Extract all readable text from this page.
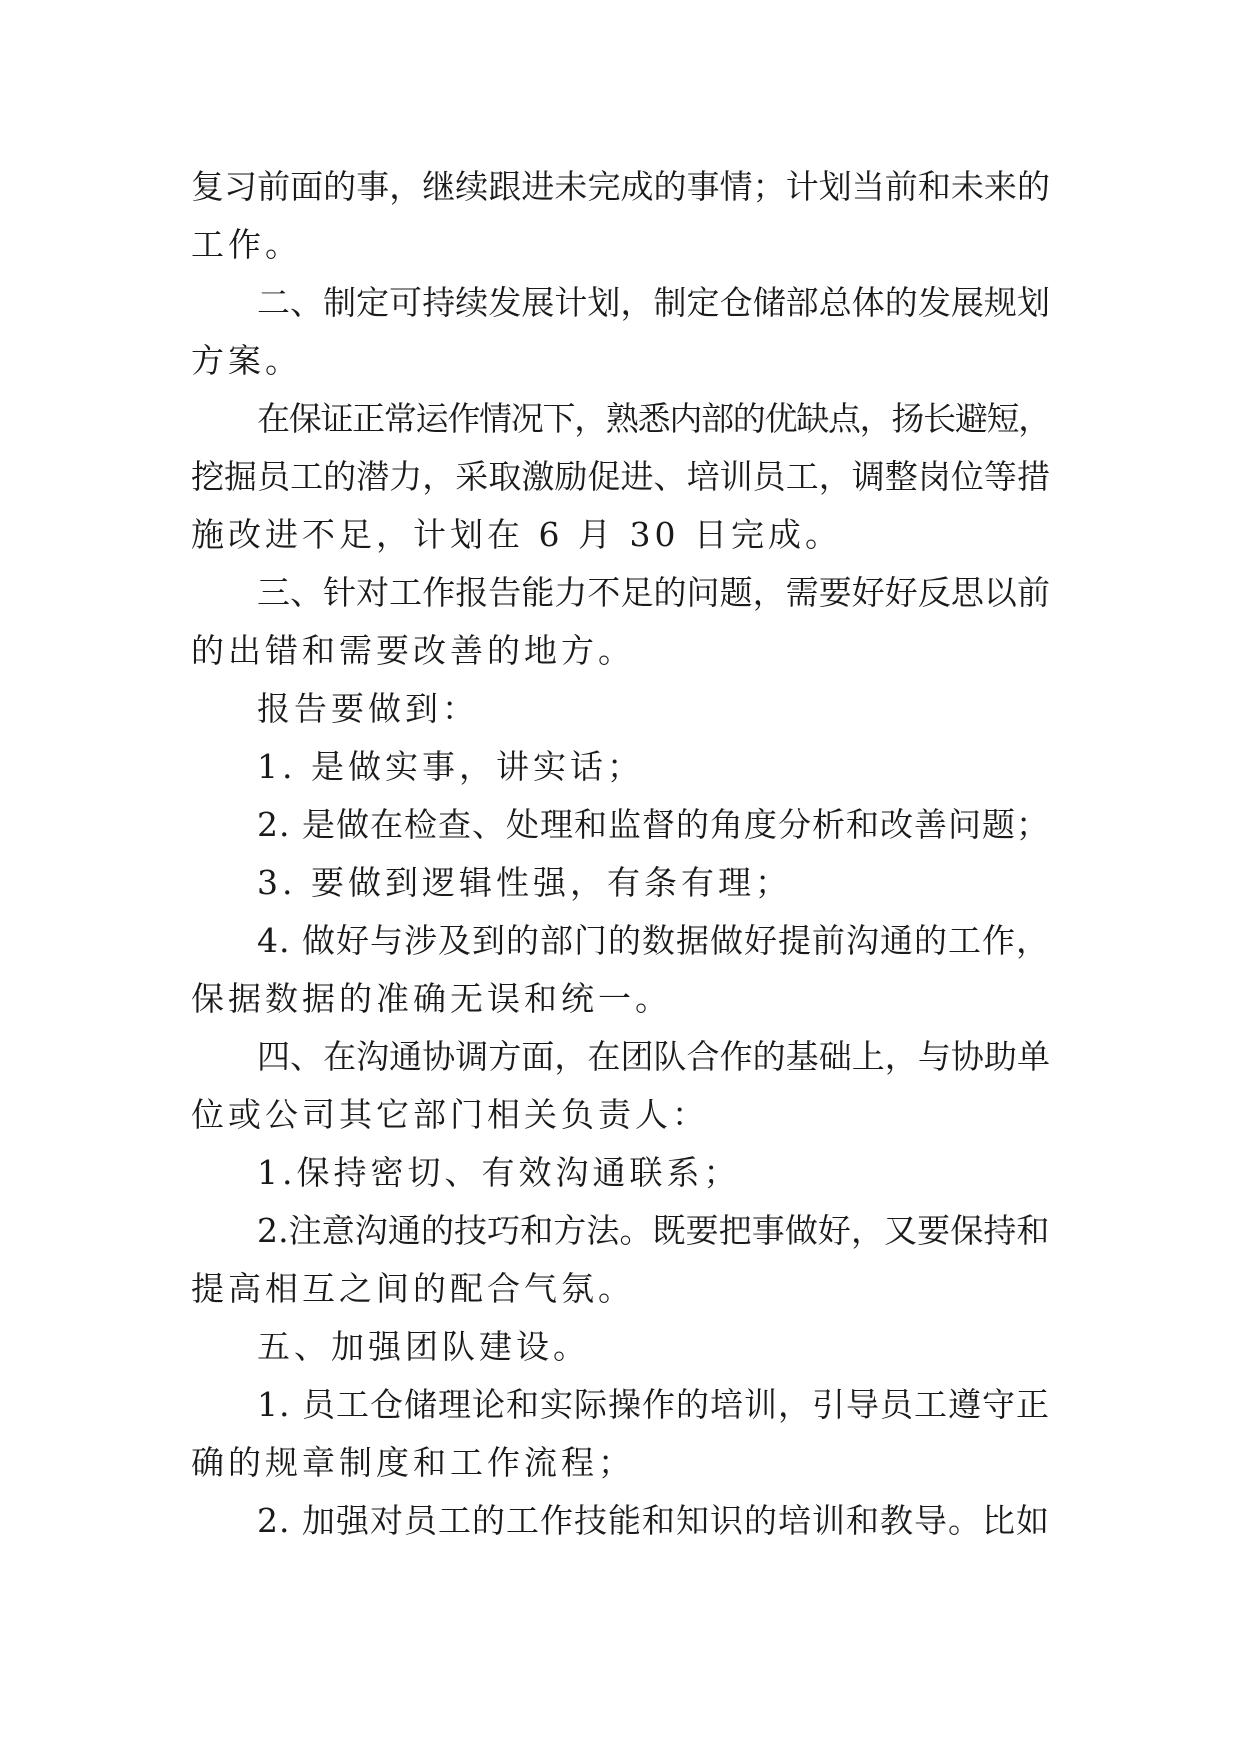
复习前面的事，继续跟进未完成的事情；计划当前和未来的
工作。
二、制定可持续发展计划，制定仓储部总体的发展规划
方案。
在保证正常运作情况下，熟悉内部的优缺点，扬长避短，
挖掘员工的潜力，采取激励促进、培训员工，调整岗位等措
施改进不足，计划在 6 月 30 日完成。
三、针对工作报告能力不足的问题，需要好好反思以前
的出错和需要改善的地方。
报告要做到：
1. 是做实事，讲实话；
2. 是做在检查、处理和监督的角度分析和改善问题；
3. 要做到逻辑性强，有条有理；
4. 做好与涉及到的部门的数据做好提前沟通的工作，
保据数据的准确无误和统一。
四、在沟通协调方面，在团队合作的基础上，与协助单
位或公司其它部门相关负责人：
1.保持密切、有效沟通联系；
2.注意沟通的技巧和方法。既要把事做好，又要保持和
提高相互之间的配合气氛。
五、加强团队建设。
1. 员工仓储理论和实际操作的培训，引导员工遵守正
确的规章制度和工作流程；
2. 加强对员工的工作技能和知识的培训和教导。比如
